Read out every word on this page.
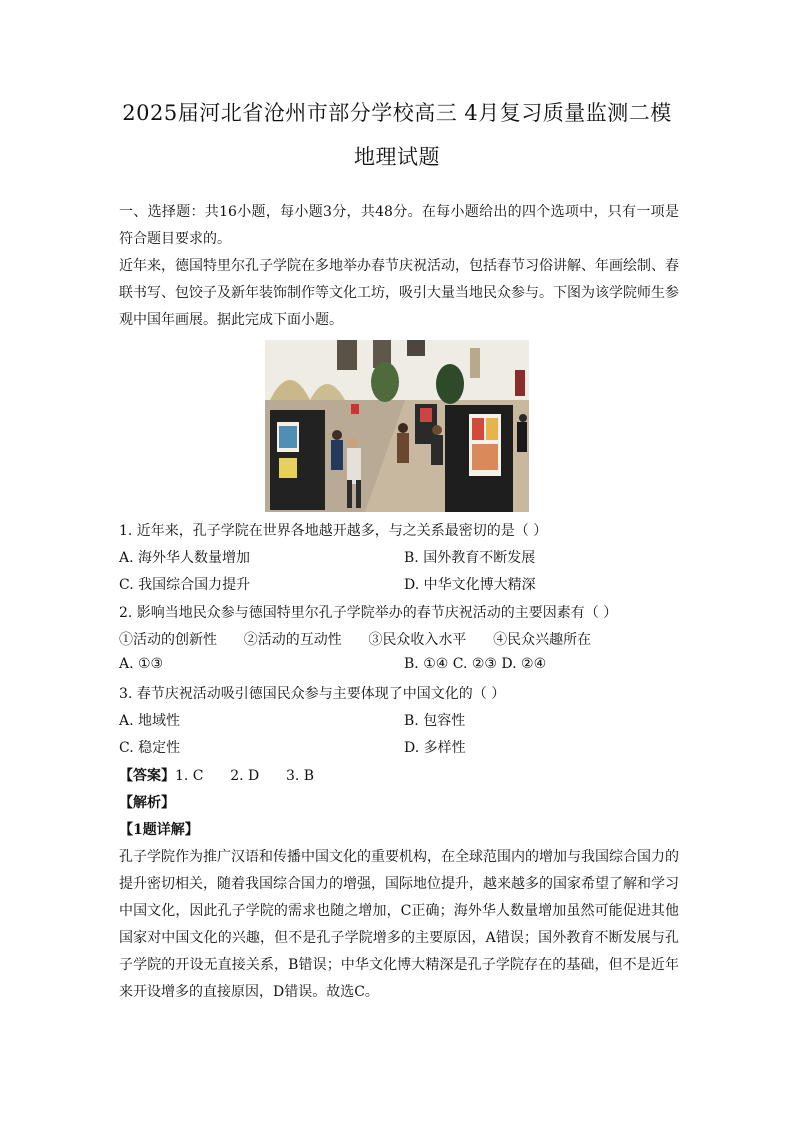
2025届河北省沧州市部分学校高三 4月复习质量监测二模
地理试题
一、选择题：共16小题，每小题3分，共48分。在每小题给出的四个选项中，只有一项是符合题目要求的。
近年来，德国特里尔孔子学院在多地举办春节庆祝活动，包括春节习俗讲解、年画绘制、春联书写、包饺子及新年装饰制作等文化工坊，吸引大量当地民众参与。下图为该学院师生参观中国年画展。据此完成下面小题。
1. 近年来，孔子学院在世界各地越开越多，与之关系最密切的是（ ）
A. 海外华人数量增加	B. 国外教育不断发展
C. 我国综合国力提升	D. 中华文化博大精深
2. 影响当地民众参与德国特里尔孔子学院举办的春节庆祝活动的主要因素有（ ）
①活动的创新性      ②活动的互动性      ③民众收入水平      ④民众兴趣所在
A. ①③	B. ①④ C. ②③ D. ②④
3. 春节庆祝活动吸引德国民众参与主要体现了中国文化的（ ）
A. 地域性	B. 包容性
C. 稳定性	D. 多样性
【答案】1. C      2. D      3. B
【解析】
【1题详解】
孔子学院作为推广汉语和传播中国文化的重要机构，在全球范围内的增加与我国综合国力的提升密切相关，随着我国综合国力的增强，国际地位提升，越来越多的国家希望了解和学习中国文化，因此孔子学院的需求也随之增加，C正确；海外华人数量增加虽然可能促进其他国家对中国文化的兴趣，但不是孔子学院增多的主要原因，A错误；国外教育不断发展与孔子学院的开设无直接关系，B错误；中华文化博大精深是孔子学院存在的基础，但不是近年来开设增多的直接原因，D错误。故选C。
